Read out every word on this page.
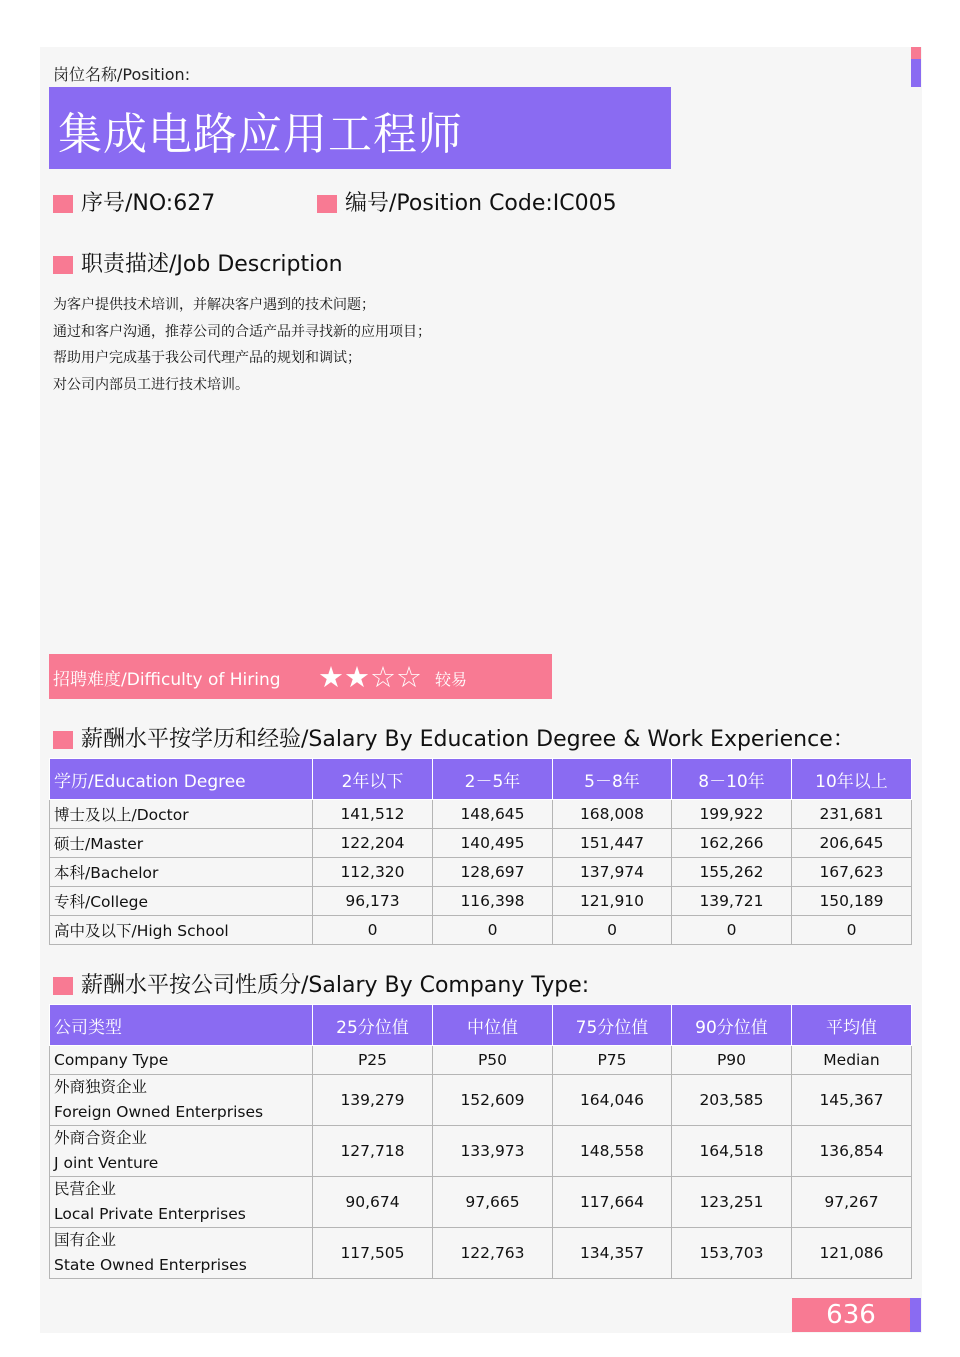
岗位名称/Position:
集成电路应用工程师
序号/NO:627	编号/Position Code:IC005
职责描述/Job Description
为客户提供技术培训，并解决客户遇到的技术问题；
通过和客户沟通，推荐公司的合适产品并寻找新的应用项目；
帮助用户完成基于我公司代理产品的规划和调试；
对公司内部员工进行技术培训。
招聘难度/Difficulty of Hiring ★★☆☆ 较易
薪酬水平按学历和经验/Salary By Education Degree & Work Experience：
学历/Education Degree	2年以下	2－5年	5－8年	8－10年	10年以上
博士及以上/Doctor	141,512	148,645	168,008	199,922	231,681
硕士/Master	122,204	140,495	151,447	162,266	206,645
本科/Bachelor	112,320	128,697	137,974	155,262	167,623
专科/College	96,173	116,398	121,910	139,721	150,189
高中及以下/High School	0	0	0	0	0
薪酬水平按公司性质分/Salary By Company Type:
公司类型	25分位值	中位值	75分位值	90分位值	平均值
Company Type	P25	P50	P75	P90	Median

外商独资企业
Foreign Owned Enterprises	139,279	152,609	164,046	203,585	145,367

外商合资企业
J oint Venture	127,718	133,973	148,558	164,518	136,854

民营企业
Local Private Enterprises	90,674	97,665	117,664	123,251	97,267

国有企业
State Owned Enterprises	117,505	122,763	134,357	153,703	121,086
636
